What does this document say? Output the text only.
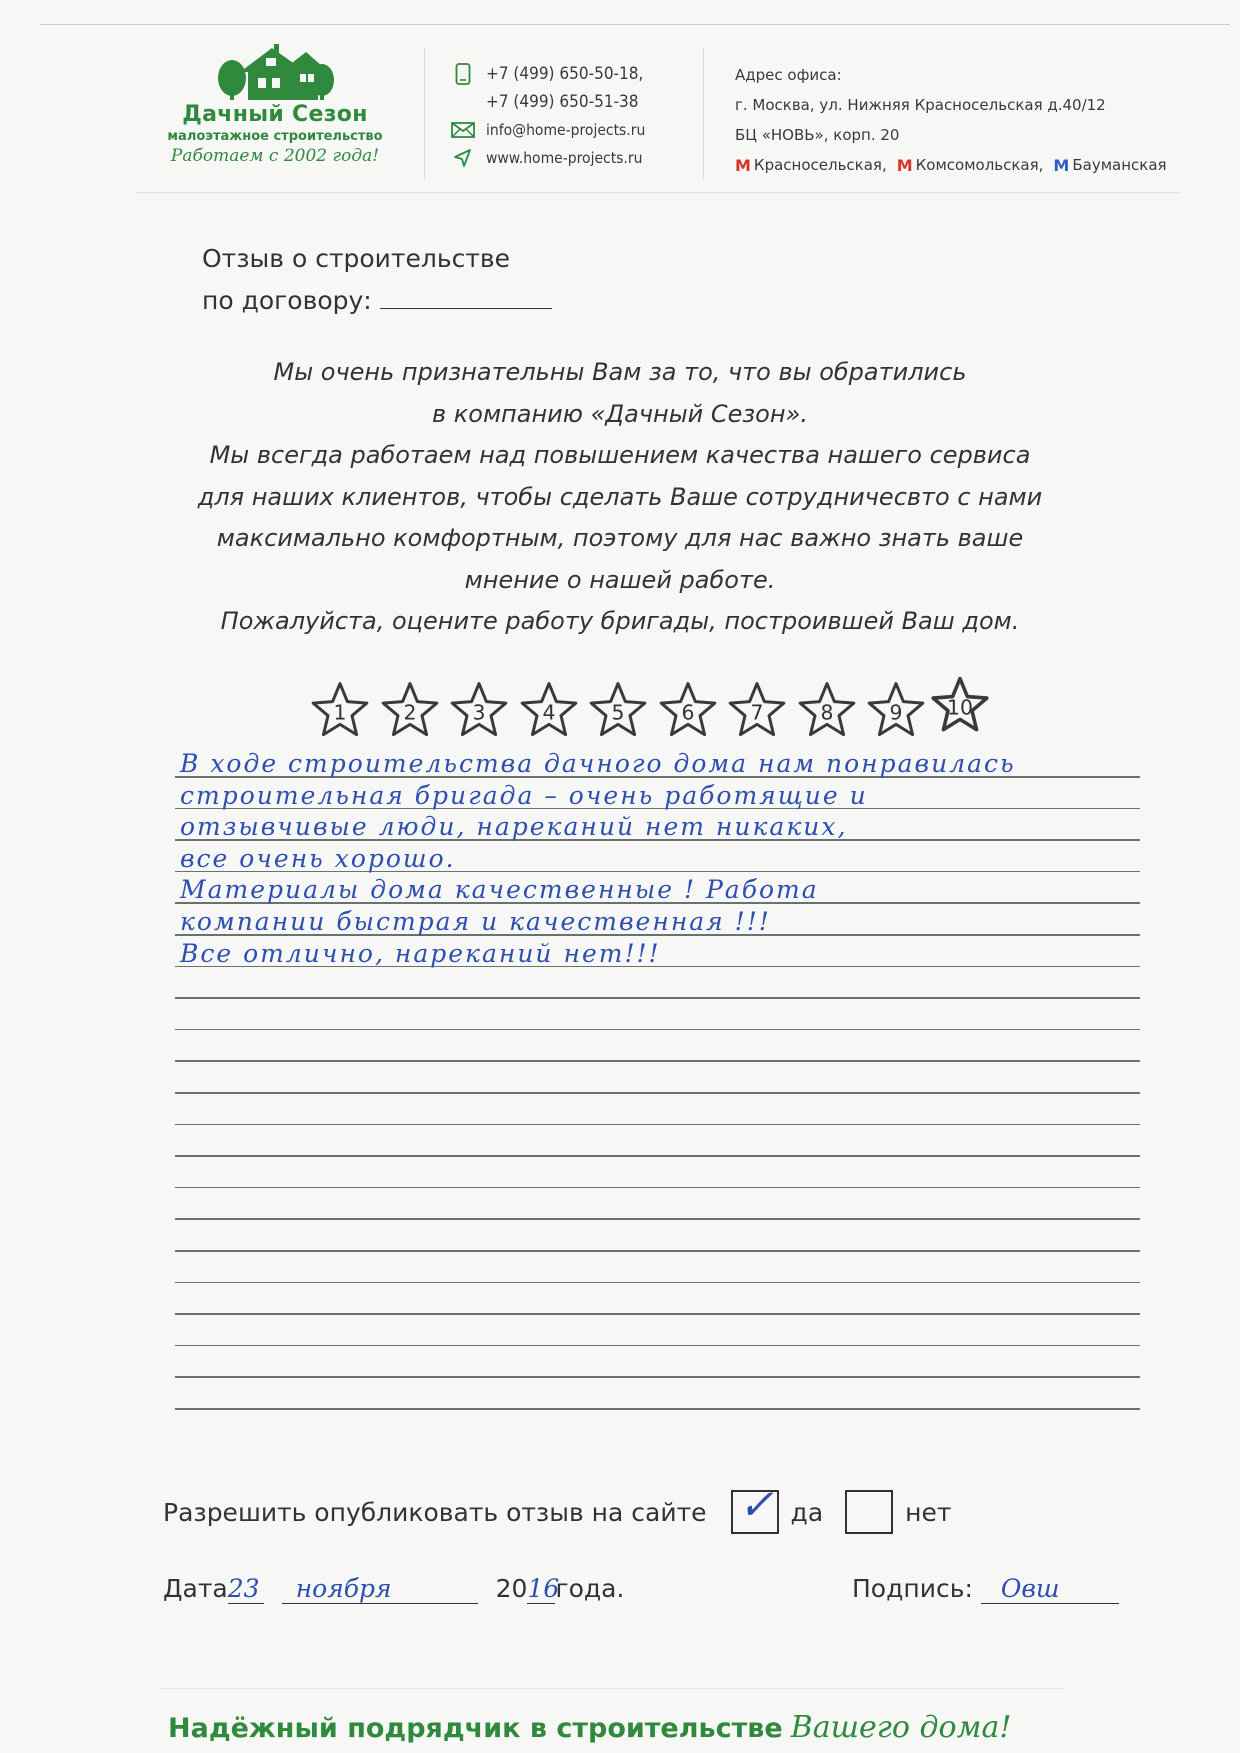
Дачный Сезон
малоэтажное строительство
Работаем с 2002 года!
+7 (499) 650-50-18,
+7 (499) 650-51-38
info@home-projects.ru
www.home-projects.ru
Адрес офиса:
г. Москва, ул. Нижняя Красносельская д.40/12
БЦ «НОВЬ», корп. 20
М Красносельская, М Комсомольская, М Бауманская
Отзыв о строительстве
по договору:

Мы очень признательны Вам за то, что вы обратились

в компанию «Дачный Сезон».

Мы всегда работаем над повышением качества нашего сервиса

для наших клиентов, чтобы сделать Ваше сотрудничесвто с нами

максимально комфортным, поэтому для нас важно знать ваше

мнение о нашей работе.

Пожалуйста, оцените работу бригады, построившей Ваш дом.

1 2 3 4 5 6 7 8 9 10
В ходе строительства дачного дома нам понравилась
строительная бригада – очень работящие и
отзывчивые люди, нареканий нет никаких,
все очень хорошо.
Материалы дома качественные ! Работа
компании быстрая и качественная !!!
Все отлично, нареканий нет!!!
Разрешить опубликовать отзыв на сайте ✓ да	нет
Дата23 ноября	2016года.	Подпись: Овш
Надёжный подрядчик в строительстве Вашего дома!
